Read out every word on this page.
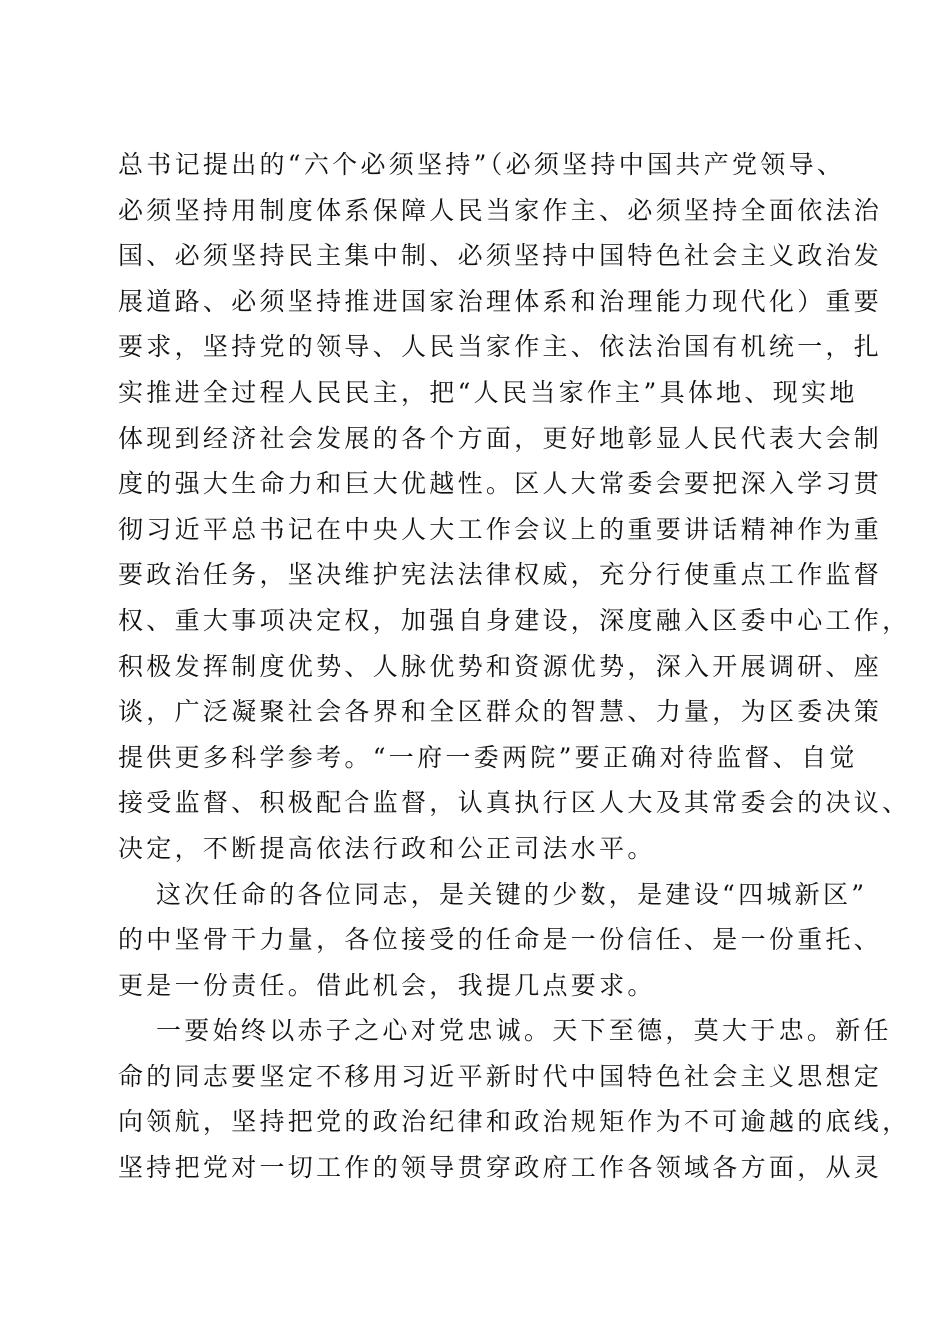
总书记提出的“六个必须坚持”（必须坚持中国共产党领导、
必须坚持用制度体系保障人民当家作主、必须坚持全面依法治
国、必须坚持民主集中制、必须坚持中国特色社会主义政治发
展道路、必须坚持推进国家治理体系和治理能力现代化）重要
要求，坚持党的领导、人民当家作主、依法治国有机统一，扎
实推进全过程人民民主，把“人民当家作主”具体地、现实地
体现到经济社会发展的各个方面，更好地彰显人民代表大会制
度的强大生命力和巨大优越性。区人大常委会要把深入学习贯
彻习近平总书记在中央人大工作会议上的重要讲话精神作为重
要政治任务，坚决维护宪法法律权威，充分行使重点工作监督
权、重大事项决定权，加强自身建设，深度融入区委中心工作，
积极发挥制度优势、人脉优势和资源优势，深入开展调研、座
谈，广泛凝聚社会各界和全区群众的智慧、力量，为区委决策
提供更多科学参考。“一府一委两院”要正确对待监督、自觉
接受监督、积极配合监督，认真执行区人大及其常委会的决议、
决定，不断提高依法行政和公正司法水平。
这次任命的各位同志，是关键的少数，是建设“四城新区”
的中坚骨干力量，各位接受的任命是一份信任、是一份重托、
更是一份责任。借此机会，我提几点要求。
一要始终以赤子之心对党忠诚。天下至德，莫大于忠。新任
命的同志要坚定不移用习近平新时代中国特色社会主义思想定
向领航，坚持把党的政治纪律和政治规矩作为不可逾越的底线，
坚持把党对一切工作的领导贯穿政府工作各领域各方面，从灵
